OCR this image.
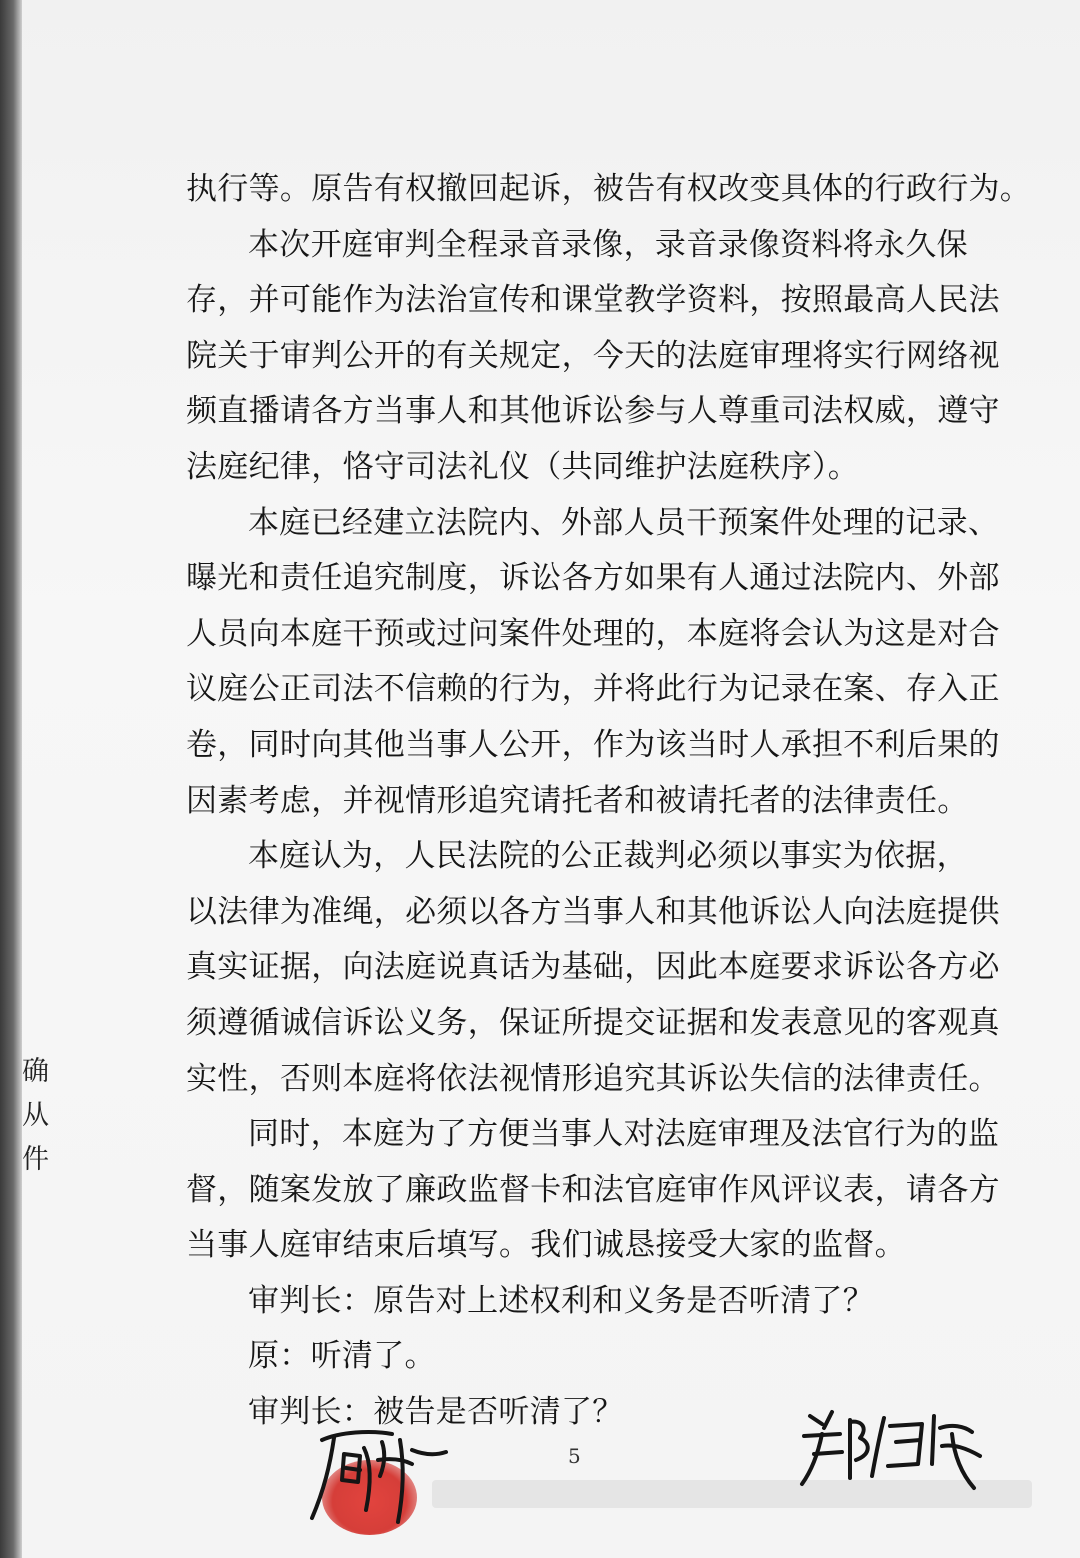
确
从
件
执行等。原告有权撤回起诉，被告有权改变具体的行政行为。
本次开庭审判全程录音录像，录音录像资料将永久保
存，并可能作为法治宣传和课堂教学资料，按照最高人民法
院关于审判公开的有关规定，今天的法庭审理将实行网络视
频直播请各方当事人和其他诉讼参与人尊重司法权威，遵守
法庭纪律，恪守司法礼仪（共同维护法庭秩序）。
本庭已经建立法院内、外部人员干预案件处理的记录、
曝光和责任追究制度，诉讼各方如果有人通过法院内、外部
人员向本庭干预或过问案件处理的，本庭将会认为这是对合
议庭公正司法不信赖的行为，并将此行为记录在案、存入正
卷，同时向其他当事人公开，作为该当时人承担不利后果的
因素考虑，并视情形追究请托者和被请托者的法律责任。
本庭认为，人民法院的公正裁判必须以事实为依据，
以法律为准绳，必须以各方当事人和其他诉讼人向法庭提供
真实证据，向法庭说真话为基础，因此本庭要求诉讼各方必
须遵循诚信诉讼义务，保证所提交证据和发表意见的客观真
实性，否则本庭将依法视情形追究其诉讼失信的法律责任。
同时，本庭为了方便当事人对法庭审理及法官行为的监
督，随案发放了廉政监督卡和法官庭审作风评议表，请各方
当事人庭审结束后填写。我们诚恳接受大家的监督。
审判长：原告对上述权利和义务是否听清了？
原：听清了。
审判长：被告是否听清了？
5
